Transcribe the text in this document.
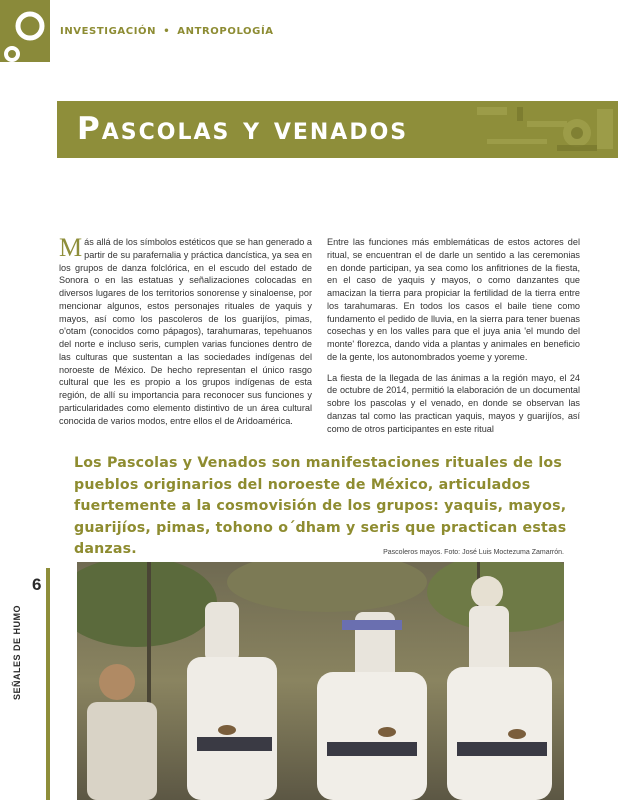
INVESTIGACIÓN • ANTROPOLOGÍA
Pascolas y venados

Más allá de los símbolos estéticos que se han generado a partir de su parafernalia y práctica dancística, ya sea en los grupos de danza folclórica, en el escudo del estado de Sonora o en las estatuas y señalizaciones colocadas en diversos lugares de los territorios sonorense y sinaloense, por mencionar algunos, estos personajes rituales de yaquis y mayos, así como los pascoleros de los guarijíos, pimas, o'otam (conocidos como pápagos), tarahumaras, tepehuanos del norte e incluso seris, cumplen varias funciones dentro de las culturas que sustentan a las sociedades indígenas del noroeste de México. De hecho representan el único rasgo cultural que les es propio a los grupos indígenas de esta región, de allí su importancia para reconocer sus funciones y particularidades como elemento distintivo de un área cultural conocida de varios modos, entre ellos el de Aridoamérica.

Entre las funciones más emblemáticas de estos actores del ritual, se encuentran el de darle un sentido a las ceremonias en donde participan, ya sea como los anfitriones de la fiesta, en el caso de yaquis y mayos, o como danzantes que amacizan la tierra para propiciar la fertilidad de la tierra entre los tarahumaras. En todos los casos el baile tiene como fundamento el pedido de lluvia, en la sierra para tener buenas cosechas y en los valles para que el juya ania 'el mundo del monte' florezca, dando vida a plantas y animales en beneficio de la gente, los autonombrados yoeme y yoreme.

La fiesta de la llegada de las ánimas a la región mayo, el 24 de octubre de 2014, permitió la elaboración de un documental sobre los pascolas y el venado, en donde se observan las danzas tal como las practican yaquis, mayos y guarijíos, así como de otros participantes en este ritual

Los Pascolas y Venados son manifestaciones rituales de los pueblos originarios del noroeste de México, articulados fuertemente a la cosmovisión de los grupos: yaquis, mayos, guarijíos, pimas, tohono o´dham y seris que practican estas danzas.	Pascoleros mayos. Foto: José Luis Moctezuma Zamarrón.
6
SEÑALES DE HUMO
